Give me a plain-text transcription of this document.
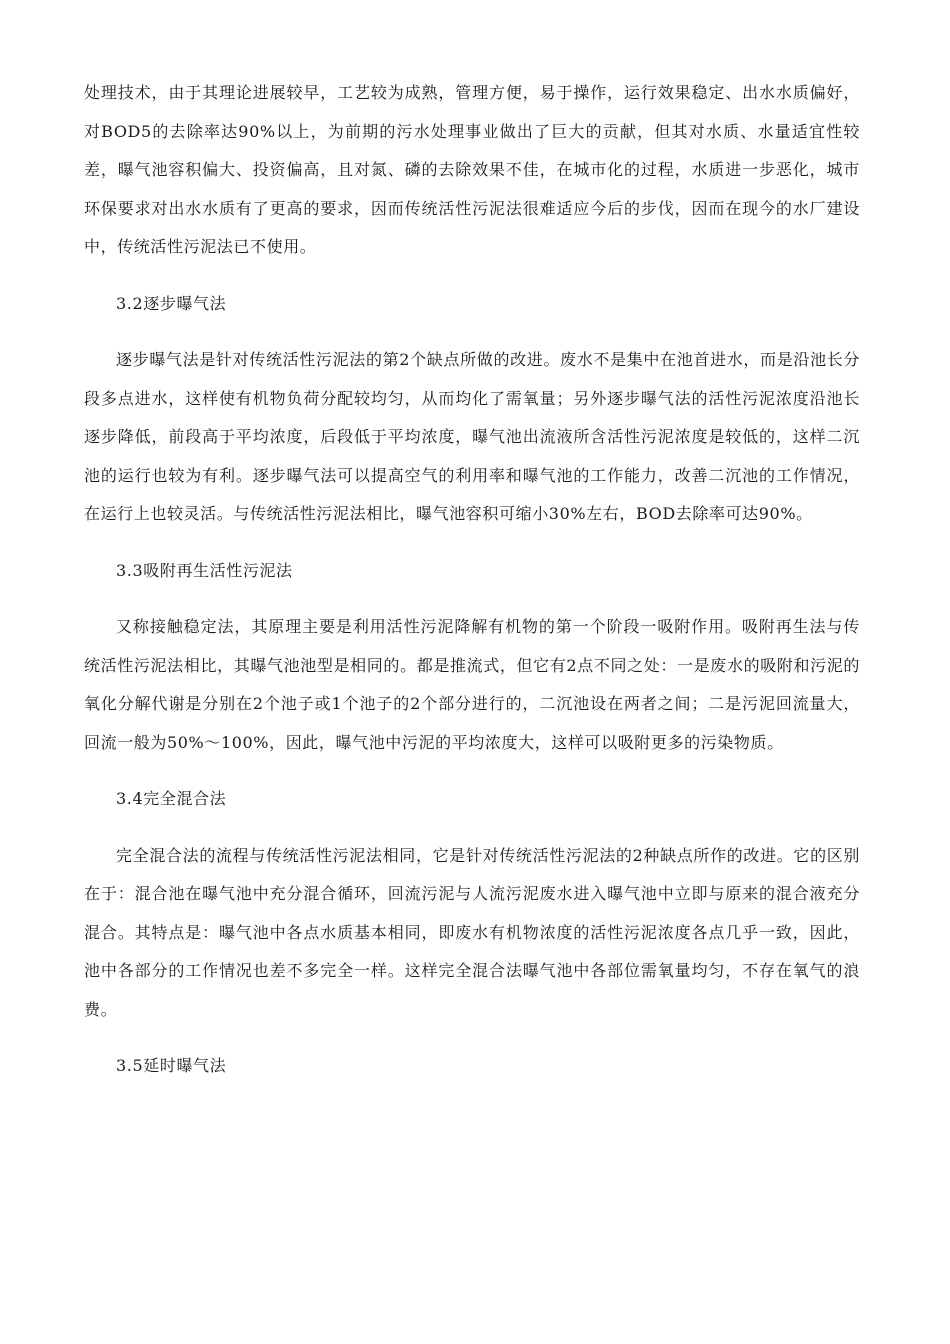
处理技术，由于其理论进展较早，工艺较为成熟，管理方便，易于操作，运行效果稳定、出水水质偏好，对BOD5的去除率达90%以上，为前期的污水处理事业做出了巨大的贡献，但其对水质、水量适宜性较差，曝气池容积偏大、投资偏高，且对氮、磷的去除效果不佳，在城市化的过程，水质进一步恶化，城市环保要求对出水水质有了更高的要求，因而传统活性污泥法很难适应今后的步伐，因而在现今的水厂建设中，传统活性污泥法已不使用。

3.2逐步曝气法

逐步曝气法是针对传统活性污泥法的第2个缺点所做的改进。废水不是集中在池首进水，而是沿池长分段多点进水，这样使有机物负荷分配较均匀，从而均化了需氧量；另外逐步曝气法的活性污泥浓度沿池长逐步降低，前段高于平均浓度，后段低于平均浓度，曝气池出流液所含活性污泥浓度是较低的，这样二沉池的运行也较为有利。逐步曝气法可以提高空气的利用率和曝气池的工作能力，改善二沉池的工作情况，在运行上也较灵活。与传统活性污泥法相比，曝气池容积可缩小30%左右，BOD去除率可达90%。

3.3吸附再生活性污泥法

又称接触稳定法，其原理主要是利用活性污泥降解有机物的第一个阶段一吸附作用。吸附再生法与传统活性污泥法相比，其曝气池池型是相同的。都是推流式，但它有2点不同之处：一是废水的吸附和污泥的氧化分解代谢是分别在2个池子或1个池子的2个部分进行的，二沉池设在两者之间；二是污泥回流量大，回流一般为50%～100%，因此，曝气池中污泥的平均浓度大，这样可以吸附更多的污染物质。

3.4完全混合法

完全混合法的流程与传统活性污泥法相同，它是针对传统活性污泥法的2种缺点所作的改进。它的区别在于：混合池在曝气池中充分混合循环，回流污泥与人流污泥废水进入曝气池中立即与原来的混合液充分混合。其特点是：曝气池中各点水质基本相同，即废水有机物浓度的活性污泥浓度各点几乎一致，因此，池中各部分的工作情况也差不多完全一样。这样完全混合法曝气池中各部位需氧量均匀，不存在氧气的浪费。

3.5延时曝气法
